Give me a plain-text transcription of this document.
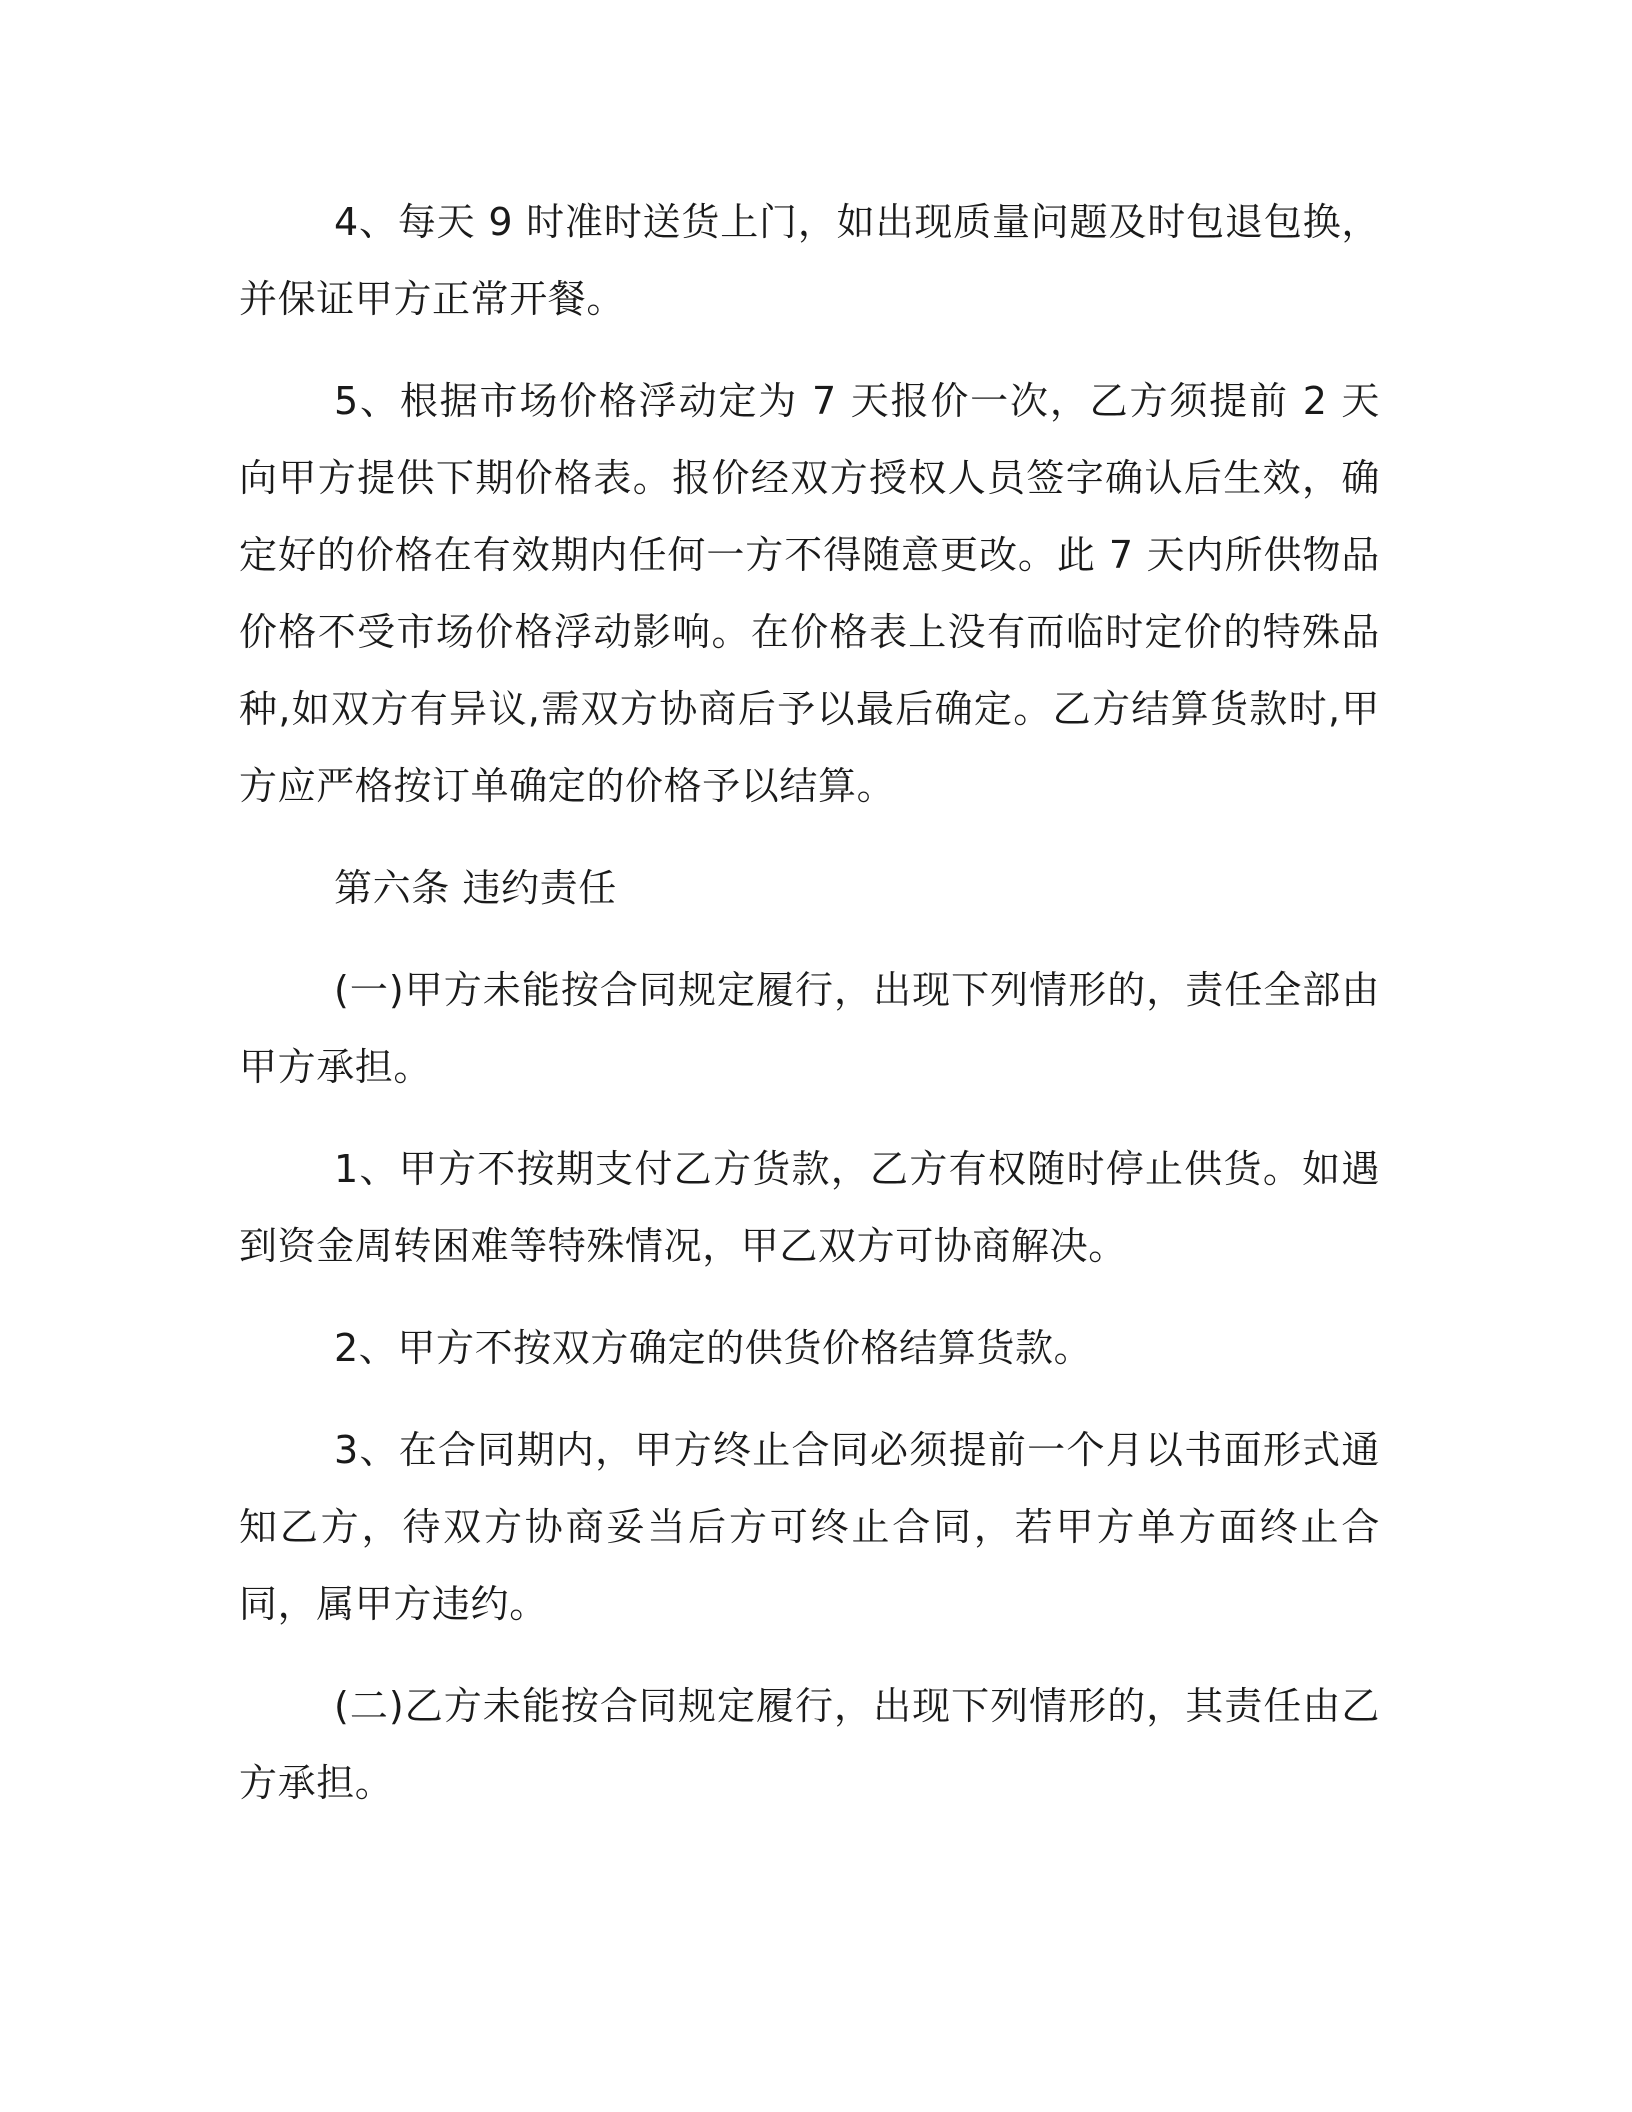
4、每天 9 时准时送货上门，如出现质量问题及时包退包换，并保证甲方正常开餐。

5、根据市场价格浮动定为 7 天报价一次，乙方须提前 2 天向甲方提供下期价格表。报价经双方授权人员签字确认后生效，确定好的价格在有效期内任何一方不得随意更改。此 7 天内所供物品价格不受市场价格浮动影响。在价格表上没有而临时定价的特殊品种,如双方有异议,需双方协商后予以最后确定。乙方结算货款时,甲方应严格按订单确定的价格予以结算。

第六条 违约责任

(一)甲方未能按合同规定履行，出现下列情形的，责任全部由甲方承担。

1、甲方不按期支付乙方货款，乙方有权随时停止供货。如遇到资金周转困难等特殊情况，甲乙双方可协商解决。

2、甲方不按双方确定的供货价格结算货款。

3、在合同期内，甲方终止合同必须提前一个月以书面形式通知乙方，待双方协商妥当后方可终止合同，若甲方单方面终止合同，属甲方违约。

(二)乙方未能按合同规定履行，出现下列情形的，其责任由乙方承担。
